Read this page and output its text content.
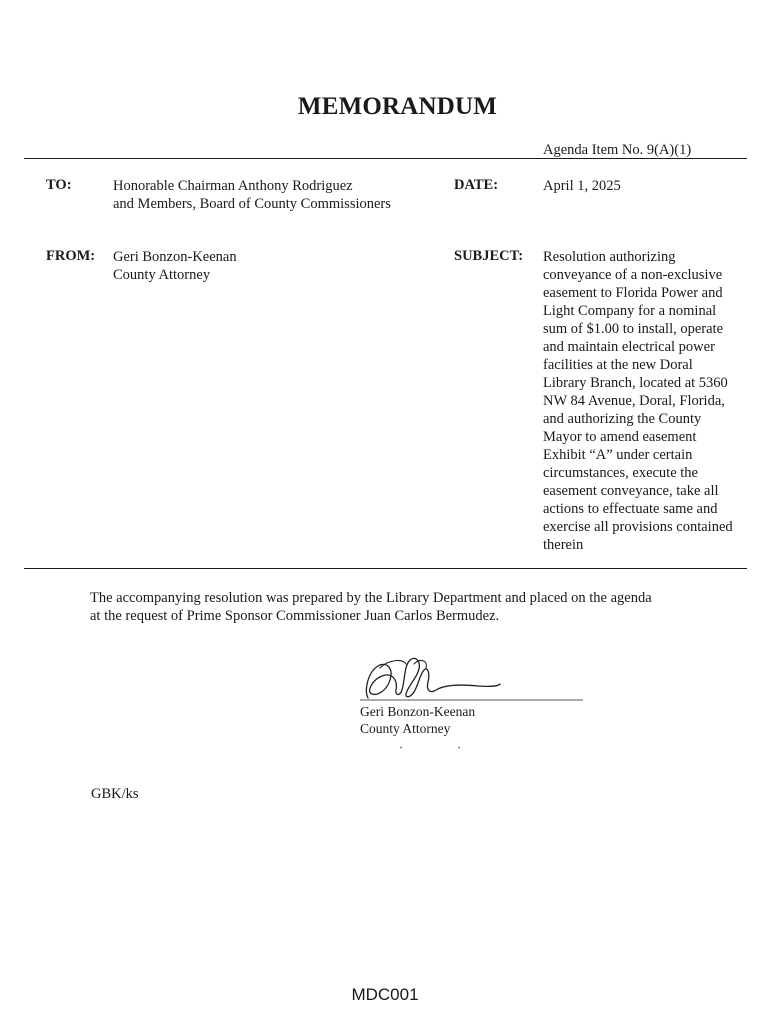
MEMORANDUM
Agenda Item No. 9(A)(1)
TO:	Honorable Chairman Anthony Rodriguez
and Members, Board of County Commissioners
DATE:	April 1, 2025
FROM: Geri Bonzon-Keenan
County Attorney
SUBJECT: Resolution authorizing
conveyance of a non-exclusive
easement to Florida Power and
Light Company for a nominal
sum of $1.00 to install, operate
and maintain electrical power
facilities at the new Doral
Library Branch, located at 5360
NW 84 Avenue, Doral, Florida,
and authorizing the County
Mayor to amend easement
Exhibit “A” under certain
circumstances, execute the
easement conveyance, take all
actions to effectuate same and
exercise all provisions contained
therein
The accompanying resolution was prepared by the Library Department and placed on the agenda
at the request of Prime Sponsor Commissioner Juan Carlos Bermudez.
Geri Bonzon-Keenan
County Attorney
GBK/ks
MDC001
